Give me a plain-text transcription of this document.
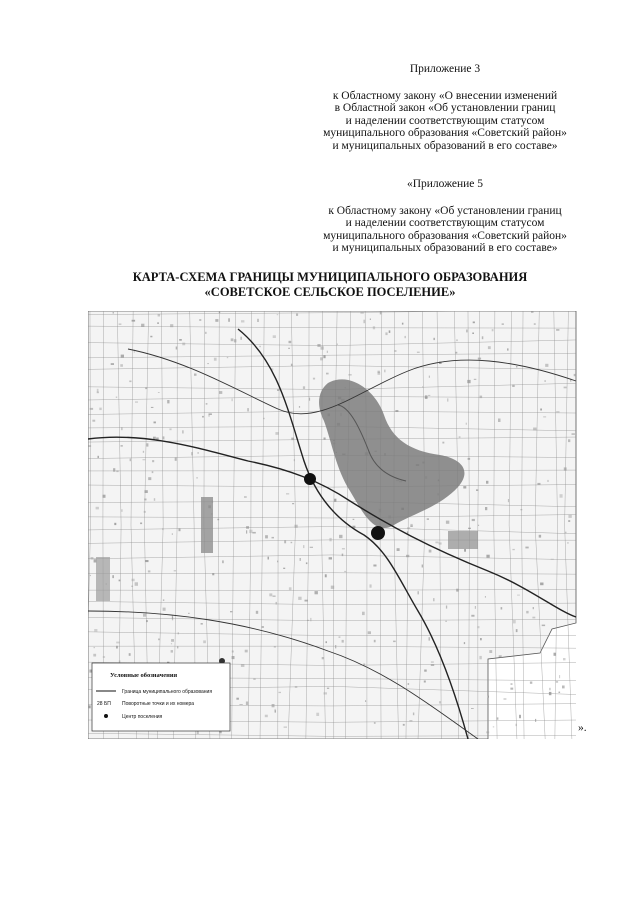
Приложение 3
к Областному закону «О внесении изменений
в Областной закон «Об установлении границ
и наделении соответствующим статусом
муниципального образования «Советский район»
и муниципальных образований в его составе»
«Приложение 5
к Областному закону «Об установлении границ
и наделении соответствующим статусом
муниципального образования «Советский район»
и муниципальных образований в его составе»
КАРТА-СХЕМА ГРАНИЦЫ МУНИЦИПАЛЬНОГО ОБРАЗОВАНИЯ
«СОВЕТСКОЕ СЕЛЬСКОЕ ПОСЕЛЕНИЕ»
Условные обозначения
Граница муниципального образования
28 БП Поворотные точки и их номера
Центр поселения
».
